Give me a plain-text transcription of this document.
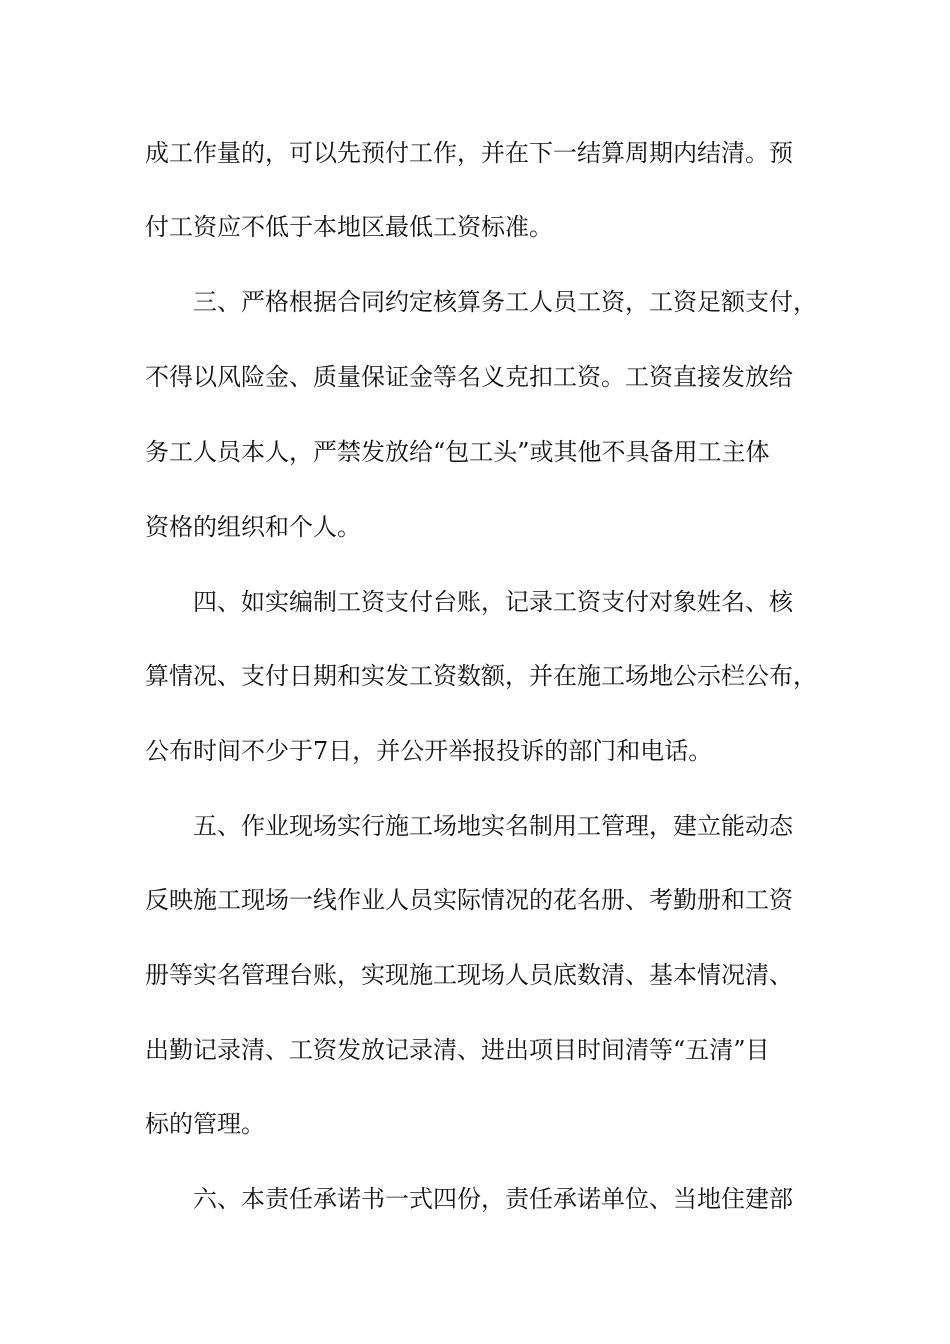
成工作量的，可以先预付工作，并在下一结算周期内结清。预
付工资应不低于本地区最低工资标准。
三、严格根据合同约定核算务工人员工资，工资足额支付，
不得以风险金、质量保证金等名义克扣工资。工资直接发放给
务工人员本人，严禁发放给“包工头”或其他不具备用工主体
资格的组织和个人。
四、如实编制工资支付台账，记录工资支付对象姓名、核
算情况、支付日期和实发工资数额，并在施工场地公示栏公布，
公布时间不少于7日，并公开举报投诉的部门和电话。
五、作业现场实行施工场地实名制用工管理，建立能动态
反映施工现场一线作业人员实际情况的花名册、考勤册和工资
册等实名管理台账，实现施工现场人员底数清、基本情况清、
出勤记录清、工资发放记录清、进出项目时间清等“五清”目
标的管理。
六、本责任承诺书一式四份，责任承诺单位、当地住建部
